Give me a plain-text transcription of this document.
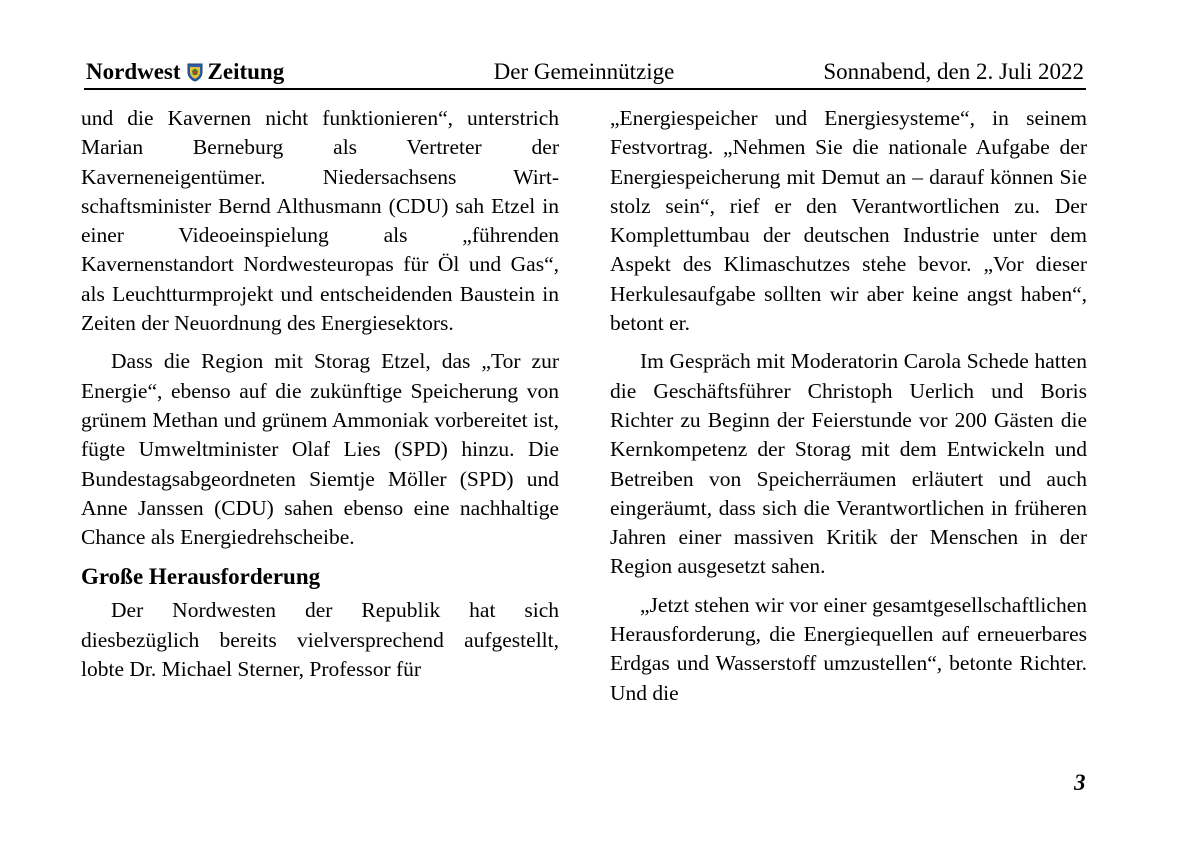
Nordwest Zeitung	Der Gemeinnützige	Sonnabend, den 2. Juli 2022

und die Kavernen nicht funktionieren“, unterstrich Marian Berneburg als Vertreter der Kaverneneigentümer. Niedersachsens Wirtschaftsminister Bernd Althusmann (CDU) sah Etzel in einer Videoeinspielung als „führenden Kavernenstandort Nordwesteuropas für Öl und Gas“, als Leuchtturmprojekt und entscheidenden Baustein in Zeiten der Neuordnung des Energiesektors.

Dass die Region mit Storag Etzel, das „Tor zur Energie“, ebenso auf die zukünftige Speicherung von grünem Methan und grünem Ammoniak vorbereitet ist, fügte Umweltminister Olaf Lies (SPD) hinzu. Die Bundestagsabgeordneten Siemtje Möller (SPD) und Anne Janssen (CDU) sahen ebenso eine nachhaltige Chance als Energiedrehscheibe.

Große Herausforderung

Der Nordwesten der Republik hat sich diesbezüglich bereits vielversprechend aufgestellt, lobte Dr. Michael Sterner, Professor für

„Energiespeicher und Energiesysteme“, in seinem Festvortrag. „Nehmen Sie die nationale Aufgabe der Energiespeicherung mit Demut an – darauf können Sie stolz sein“, rief er den Verantwortlichen zu. Der Komplettumbau der deutschen Industrie unter dem Aspekt des Klimaschutzes stehe bevor. „Vor dieser Herkulesaufgabe sollten wir aber keine angst haben“, betont er.

Im Gespräch mit Moderatorin Carola Schede hatten die Geschäftsführer Christoph Uerlich und Boris Richter zu Beginn der Feierstunde vor 200 Gästen die Kernkompetenz der Storag mit dem Entwickeln und Betreiben von Speicherräumen erläutert und auch eingeräumt, dass sich die Verantwortlichen in früheren Jahren einer massiven Kritik der Menschen in der Region ausgesetzt sahen.

„Jetzt stehen wir vor einer gesamtgesellschaftlichen Herausforderung, die Energiequellen auf erneuerbares Erdgas und Wasserstoff umzustellen“, betonte Richter. Und die

3
